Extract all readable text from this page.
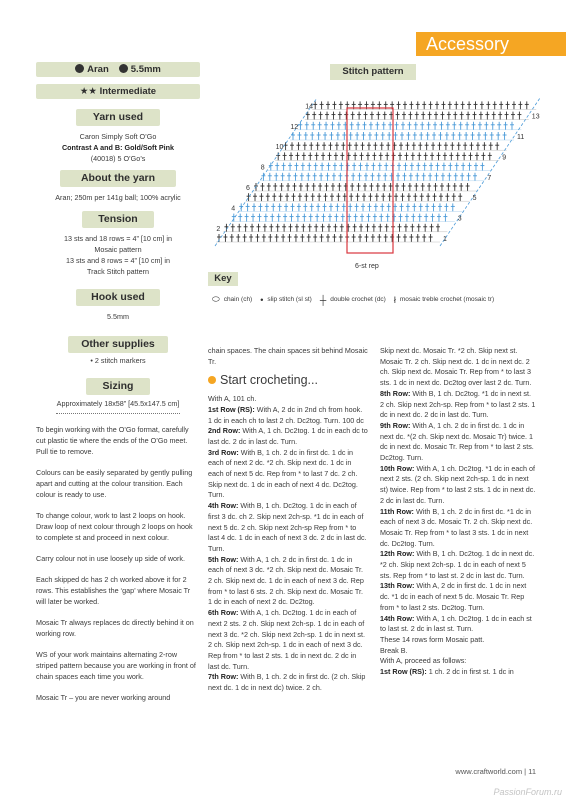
Accessory
Aran	5.5mm
★★ Intermediate
Yarn used
Caron Simply Soft O’Go
Contrast A and B: Gold/Soft Pink
(40018) 5 O’Go’s
About the yarn
Aran; 250m per 141g ball; 100% acrylic
Tension
13 sts and 18 rows = 4” [10 cm] in
Mosaic pattern
13 sts and 8 rows = 4” [10 cm] in
Track Stitch pattern
Hook used
5.5mm
Other supplies
• 2 stitch markers
Sizing
Approximately 18x58” [45.5x147.5 cm]

To begin working with the O’Go format, carefully cut plastic tie where the ends of the O’Go meet. Pull tie to remove.

Colours can be easily separated by gently pulling apart and cutting at the colour transition. Each colour is ready to use.

To change colour, work to last 2 loops on hook. Draw loop of next colour through 2 loops on hook to complete st and proceed in next colour.

Carry colour not in use loosely up side of work.

Each skipped dc has 2 ch worked above it for 2 rows. This establishes the ‘gap’ where Mosaic Tr will later be worked.

Mosaic Tr always replaces dc directly behind it on working row.

WS of your work maintains alternating 2-row striped pattern because you are working in front of chain spaces each time you work.

Mosaic Tr – you are never working around

Stitch pattern
2
4
6
8
10
12
14
1
3
5
7
9
11
13
6-st rep
Key
⬭ chain (ch) • slip stitch (sl st) ┼ double crochet (dc) ł mosaic treble crochet (mosaic tr)
chain spaces. The chain spaces sit behind Mosaic Tr.
Start crocheting...
With A, 101 ch.
1st Row (RS): With A, 2 dc in 2nd ch from hook. 1 dc in each ch to last 2 ch. Dc2tog. Turn. 100 dc
2nd Row: With A, 1 ch. Dc2tog. 1 dc in each dc to last dc. 2 dc in last dc. Turn.
3rd Row: With B, 1 ch. 2 dc in first dc. 1 dc in each of next 2 dc. *2 ch. Skip next dc. 1 dc in each of next 5 dc. Rep from * to last 7 dc. 2 ch. Skip next dc. 1 dc in each of next 4 dc. Dc2tog. Turn.
4th Row: With B, 1 ch. Dc2tog. 1 dc in each of first 3 dc. ch 2. Skip next 2ch-sp. *1 dc in each of next 5 dc. 2 ch. Skip next 2ch-sp Rep from * to last 4 dc. 1 dc in each of next 3 dc. 2 dc in last dc. Turn.
5th Row: With A, 1 ch. 2 dc in first dc. 1 dc in each of next 3 dc. *2 ch. Skip next dc. Mosaic Tr. 2 ch. Skip next dc. 1 dc in each of next 3 dc. Rep from * to last 6 sts. 2 ch. Skip next dc. Mosaic Tr. 1 dc in each of next 2 dc. Dc2tog.
6th Row: With A, 1 ch. Dc2tog. 1 dc in each of next 2 sts. 2 ch. Skip next 2ch-sp. 1 dc in each of next 3 dc. *2 ch. Skip next 2ch-sp. 1 dc in next st. 2 ch. Skip next 2ch-sp. 1 dc in each of next 3 dc. Rep from * to last 2 sts. 1 dc in next dc. 2 dc in last dc. Turn.
7th Row: With B, 1 ch. 2 dc in first dc. (2 ch. Skip next dc. 1 dc in next dc) twice. 2 ch.
Skip next dc. Mosaic Tr. *2 ch. Skip next st. Mosaic Tr. 2 ch. Skip next dc. 1 dc in next dc. 2 ch. Skip next dc. Mosaic Tr. Rep from * to last 3 sts. 1 dc in next dc. Dc2tog over last 2 dc. Turn.
8th Row: With B, 1 ch. Dc2tog. *1 dc in next st. 2 ch. Skip next 2ch-sp. Rep from * to last 2 sts. 1 dc in next dc. 2 dc in last dc. Turn.
9th Row: With A, 1 ch. 2 dc in first dc. 1 dc in next dc. *(2 ch. Skip next dc. Mosaic Tr) twice. 1 dc in next dc. Mosaic Tr. Rep from * to last 2 sts. Dc2tog. Turn.
10th Row: With A, 1 ch. Dc2tog. *1 dc in each of next 2 sts. (2 ch. Skip next 2ch-sp. 1 dc in next st) twice. Rep from * to last 2 sts. 1 dc in next dc. 2 dc in last dc. Turn.
11th Row: With B, 1 ch. 2 dc in first dc. *1 dc in each of next 3 dc. Mosaic Tr. 2 ch. Skip next dc. Mosaic Tr. Rep from * to last 3 sts. 1 dc in next dc. Dc2tog. Turn.
12th Row: With B, 1 ch. Dc2tog. 1 dc in next dc. *2 ch. Skip next 2ch-sp. 1 dc in each of next 5 sts. Rep from * to last st. 2 dc in last dc. Turn.
13th Row: With A, 2 dc in first dc. 1 dc in next dc. *1 dc in each of next 5 dc. Mosaic Tr. Rep from * to last 2 sts. Dc2tog. Turn.
14th Row: With A, 1 ch. Dc2tog. 1 dc in each st to last st. 2 dc in last st. Turn.
These 14 rows form Mosaic patt.
Break B.
With A, proceed as follows:
1st Row (RS): 1 ch. 2 dc in first st. 1 dc in
www.craftworld.com | 11
PassionForum.ru
